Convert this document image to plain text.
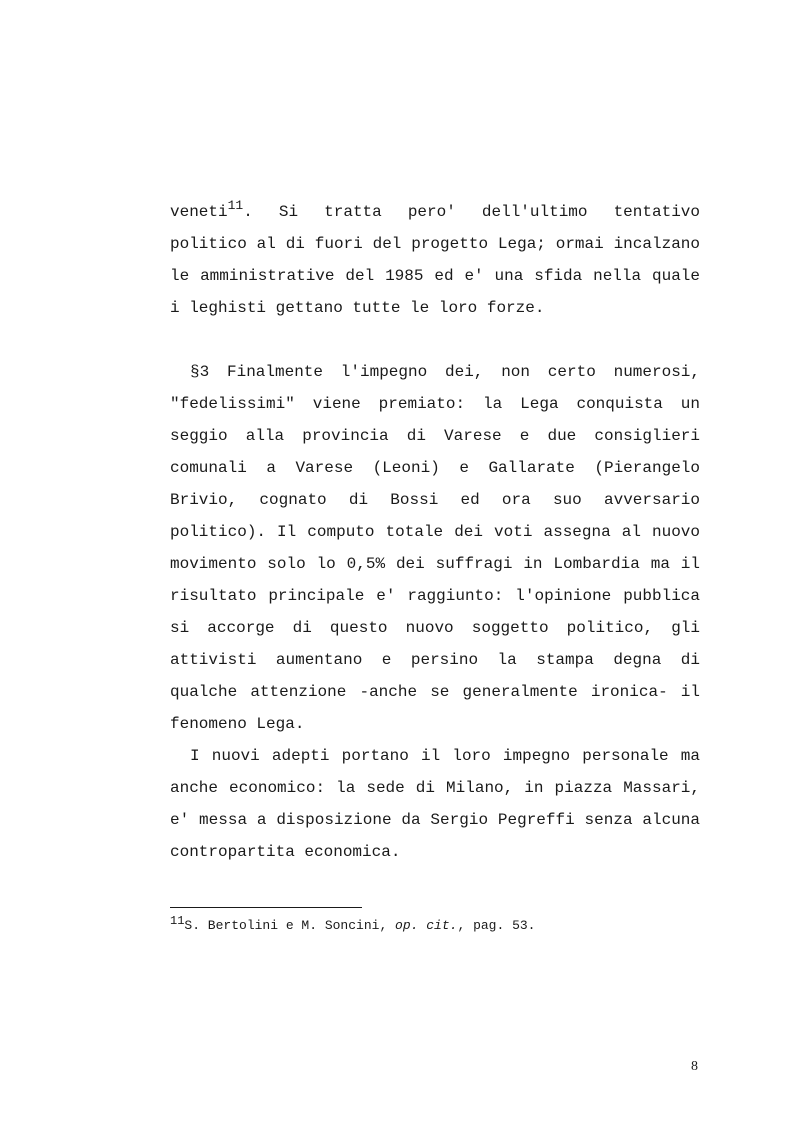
veneti$^{11}$. Si tratta pero' dell'ultimo tentativo
politico al di fuori del progetto Lega; ormai incalzano
le amministrative del 1985 ed e' una sfida nella quale
i leghisti gettano tutte le loro forze.
§3 Finalmente l'impegno dei, non certo numerosi,
"fedelissimi" viene premiato: la Lega conquista un
seggio alla provincia di Varese e due consiglieri
comunali a Varese (Leoni) e Gallarate (Pierangelo
Brivio, cognato di Bossi ed ora suo avversario
politico). Il computo totale dei voti assegna al nuovo
movimento solo lo 0,5% dei suffragi in Lombardia ma il
risultato principale e' raggiunto: l'opinione pubblica
si accorge di questo nuovo soggetto politico, gli
attivisti aumentano e persino la stampa degna di
qualche attenzione -anche se generalmente ironica- il
fenomeno Lega.
I nuovi adepti portano il loro impegno personale ma
anche economico: la sede di Milano, in piazza Massari,
e' messa a disposizione da Sergio Pegreffi senza alcuna
contropartita economica.
$^{11}$S. Bertolini e M. Soncini, op. cit., pag. 53.
8
